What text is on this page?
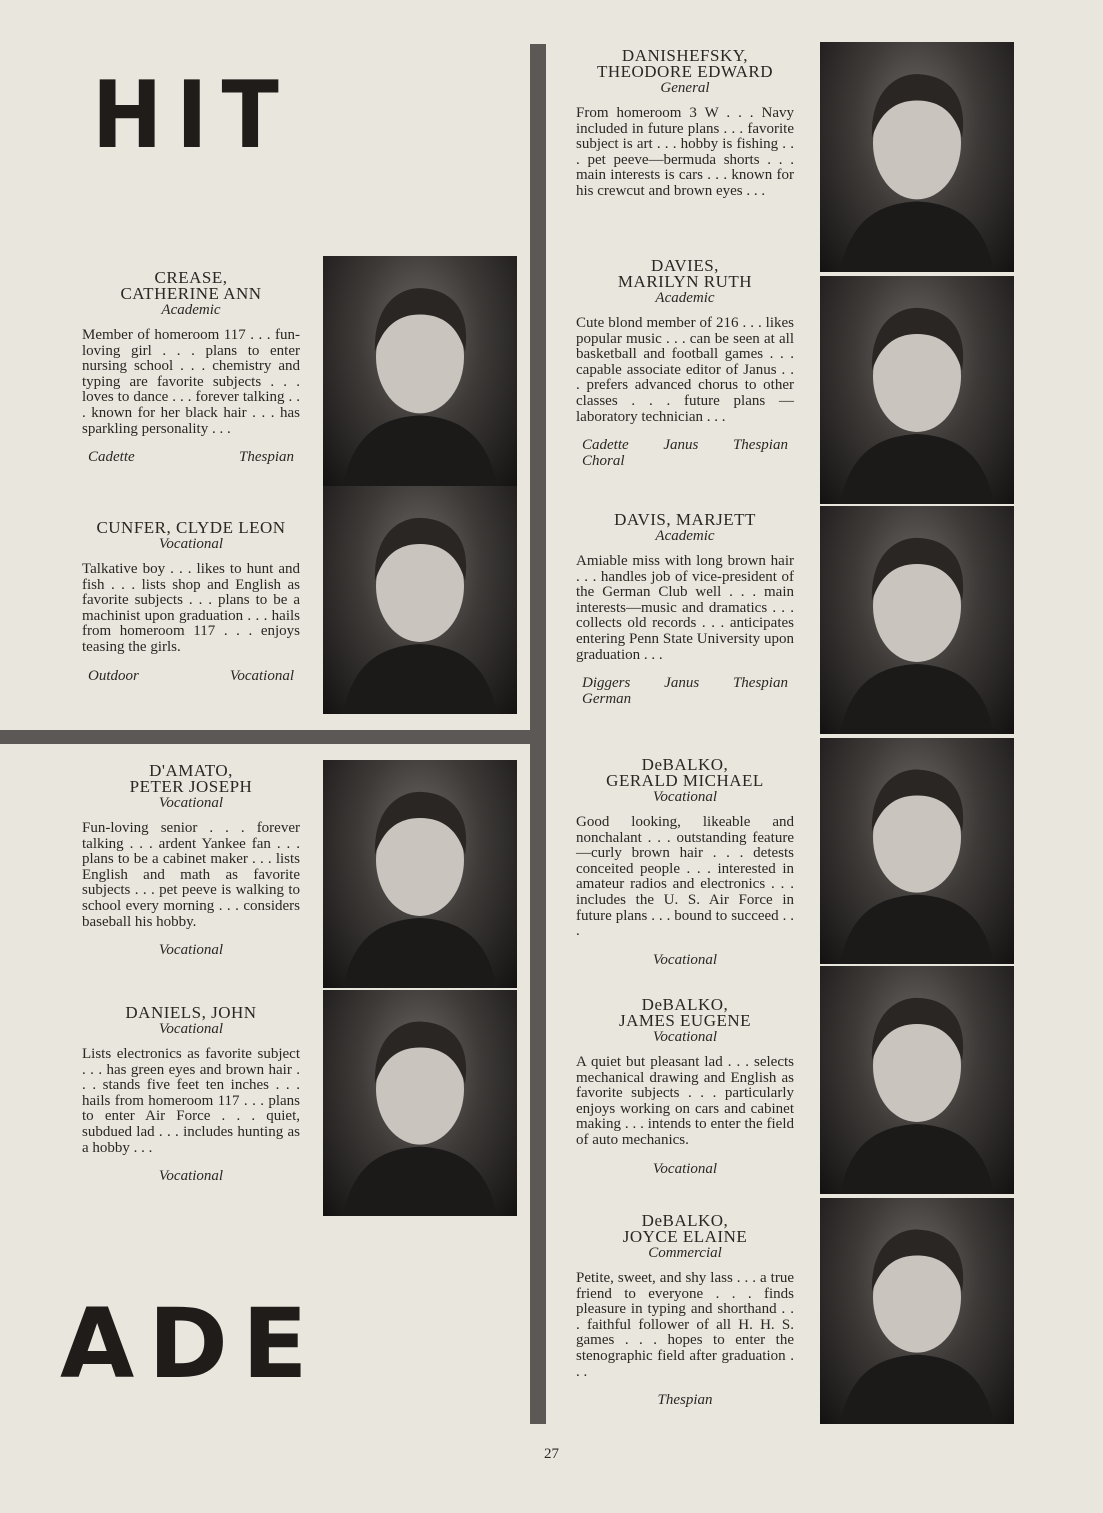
HIT
ADE
CREASE,
CATHERINE ANN
Academic
Member of homeroom 117 . . . fun-loving girl . . . plans to enter nursing school . . . chemistry and typing are favorite subjects . . . loves to dance . . . forever talking . . . known for her black hair . . . has sparkling personality . . .
Cadette	Thespian
CUNFER, CLYDE LEON
Vocational
Talkative boy . . . likes to hunt and fish . . . lists shop and English as favorite subjects . . . plans to be a machinist upon graduation . . . hails from homeroom 117 . . . enjoys teasing the girls.
Outdoor	Vocational
D'AMATO,
PETER JOSEPH
Vocational
Fun-loving senior . . . forever talking . . . ardent Yankee fan . . . plans to be a cabinet maker . . . lists English and math as favorite subjects . . . pet peeve is walking to school every morning . . . considers baseball his hobby.
Vocational
DANIELS, JOHN
Vocational
Lists electronics as favorite subject . . . has green eyes and brown hair . . . stands five feet ten inches . . . hails from homeroom 117 . . . plans to enter Air Force . . . quiet, subdued lad . . . includes hunting as a hobby . . .
Vocational
DANISHEFSKY,
THEODORE EDWARD
General
From homeroom 3 W . . . Navy included in future plans . . . favorite subject is art . . . hobby is fishing . . . pet peeve—bermuda shorts . . . main interests is cars . . . known for his crewcut and brown eyes . . .
DAVIES,
MARILYN RUTH
Academic
Cute blond member of 216 . . . likes popular music . . . can be seen at all basketball and football games . . . capable associate editor of Janus . . . prefers advanced chorus to other classes . . . future plans — laboratory technician . . .
Cadette Janus Thespian
Choral
DAVIS, MARJETT
Academic
Amiable miss with long brown hair . . . handles job of vice-president of the German Club well . . . main interests—music and dramatics . . . collects old records . . . anticipates entering Penn State University upon graduation . . .
Diggers Janus Thespian
German
DeBALKO,
GERALD MICHAEL
Vocational
Good looking, likeable and nonchalant . . . outstanding feature—curly brown hair . . . detests conceited people . . . interested in amateur radios and electronics . . . includes the U. S. Air Force in future plans . . . bound to succeed . . .
Vocational
DeBALKO,
JAMES EUGENE
Vocational
A quiet but pleasant lad . . . selects mechanical drawing and English as favorite subjects . . . particularly enjoys working on cars and cabinet making . . . intends to enter the field of auto mechanics.
Vocational
DeBALKO,
JOYCE ELAINE
Commercial
Petite, sweet, and shy lass . . . a true friend to everyone . . . finds pleasure in typing and shorthand . . . faithful follower of all H. H. S. games . . . hopes to enter the stenographic field after graduation . . .
Thespian
27
